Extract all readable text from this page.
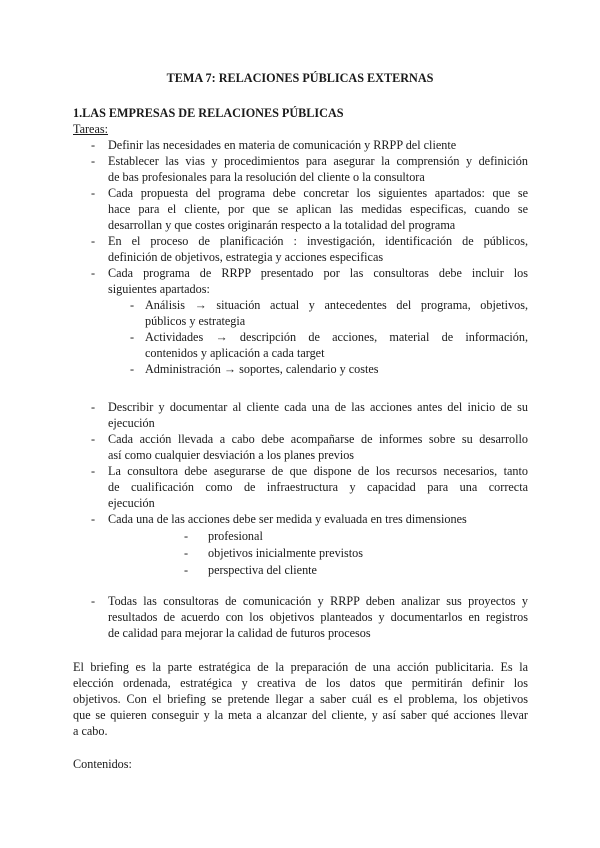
TEMA 7: RELACIONES PÚBLICAS EXTERNAS
1.LAS EMPRESAS DE RELACIONES PÚBLICAS
Tareas:
-	Definir las necesidades en materia de comunicación y RRPP del cliente
-	Establecer las vias y procedimientos para asegurar la comprensión y definición
de bas profesionales para la resolución del cliente o la consultora
-	Cada propuesta del programa debe concretar los siguientes apartados: que se
hace para el cliente, por que se aplican las medidas especificas, cuando se
desarrollan y que costes originarán respecto a la totalidad del programa
-	En el proceso de planificación : investigación, identificación de públicos,
definición de objetivos, estrategia y acciones especificas
-	Cada programa de RRPP presentado por las consultoras debe incluir los
siguientes apartados:
- Análisis → situación actual y antecedentes del programa, objetivos,
públicos y estrategia
- Actividades → descripción de acciones, material de información,
contenidos y aplicación a cada target
- Administración → soportes, calendario y costes
-	Describir y documentar al cliente cada una de las acciones antes del inicio de su
ejecución
-	Cada acción llevada a cabo debe acompañarse de informes sobre su desarrollo
así como cualquier desviación a los planes previos
-	La consultora debe asegurarse de que dispone de los recursos necesarios, tanto
de cualificación como de infraestructura y capacidad para una correcta
ejecución
-	Cada una de las acciones debe ser medida y evaluada en tres dimensiones
-	profesional
-	objetivos inicialmente previstos
-	perspectiva del cliente
-	Todas las consultoras de comunicación y RRPP deben analizar sus proyectos y
resultados de acuerdo con los objetivos planteados y documentarlos en registros
de calidad para mejorar la calidad de futuros procesos
El briefing es la parte estratégica de la preparación de una acción publicitaria. Es la
elección ordenada, estratégica y creativa de los datos que permitirán definir los
objetivos. Con el briefing se pretende llegar a saber cuál es el problema, los objetivos
que se quieren conseguir y la meta a alcanzar del cliente, y así saber qué acciones llevar
a cabo.
Contenidos:
